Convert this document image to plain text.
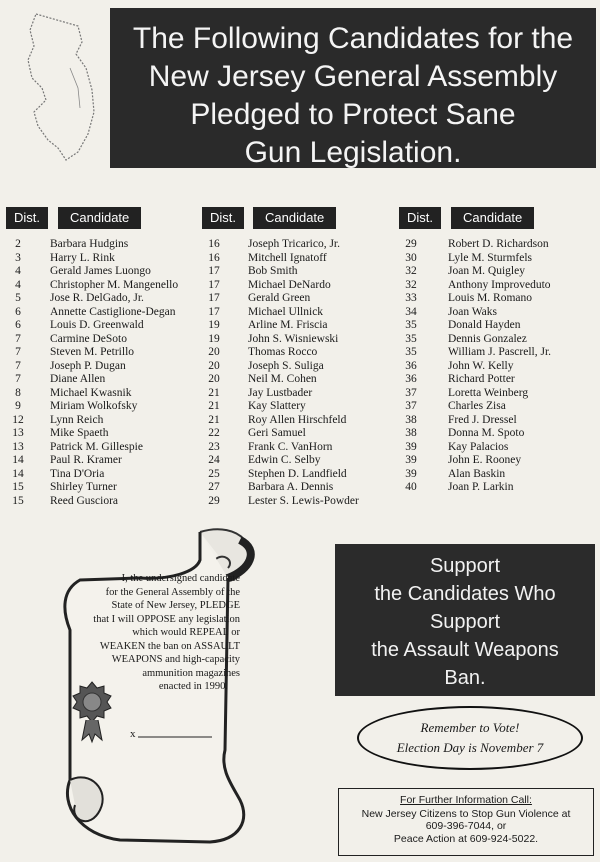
The Following Candidates for the
New Jersey General Assembly
Pledged to Protect Sane
Gun Legislation.
Dist.	Candidate
2	Barbara Hudgins
3	Harry L. Rink
4	Gerald James Luongo
4	Christopher M. Mangenello
5	Jose R. DelGado, Jr.
6	Annette Castiglione-Degan
6	Louis D. Greenwald
7	Carmine DeSoto
7	Steven M. Petrillo
7	Joseph P. Dugan
7	Diane Allen
8	Michael Kwasnik
9	Miriam Wolkofsky
12	Lynn Reich
13	Mike Spaeth
13	Patrick M. Gillespie
14	Paul R. Kramer
14	Tina D'Oria
15	Shirley Turner
15	Reed Gusciora
Dist.	Candidate
16	Joseph Tricarico, Jr.
16	Mitchell Ignatoff
17	Bob Smith
17	Michael DeNardo
17	Gerald Green
17	Michael Ullnick
19	Arline M. Friscia
19	John S. Wisniewski
20	Thomas Rocco
20	Joseph S. Suliga
20	Neil M. Cohen
21	Jay Lustbader
21	Kay Slattery
21	Roy Allen Hirschfeld
22	Geri Samuel
23	Frank C. VanHorn
24	Edwin C. Selby
25	Stephen D. Landfield
27	Barbara A. Dennis
29	Lester S. Lewis-Powder
Dist.	Candidate
29	Robert D. Richardson
30	Lyle M. Sturmfels
32	Joan M. Quigley
32	Anthony Improveduto
33	Louis M. Romano
34	Joan Waks
35	Donald Hayden
35	Dennis Gonzalez
35	William J. Pascrell, Jr.
36	John W. Kelly
36	Richard Potter
37	Loretta Weinberg
37	Charles Zisa
38	Fred J. Dressel
38	Donna M. Spoto
39	Kay Palacios
39	John E. Rooney
39	Alan Baskin
40	Joan P. Larkin
I, the undersigned candidate
for the General Assembly of the
State of New Jersey, PLEDGE
that I will OPPOSE any legislation
which would REPEAL or
WEAKEN the ban on ASSAULT
WEAPONS and high-capacity
ammunition magazines
enacted in 1990.
x
Support
the Candidates Who
Support
the Assault Weapons
Ban.
Remember to Vote!
Election Day is November 7
For Further Information Call:
New Jersey Citizens to Stop Gun Violence at
609-396-7044, or
Peace Action at 609-924-5022.
